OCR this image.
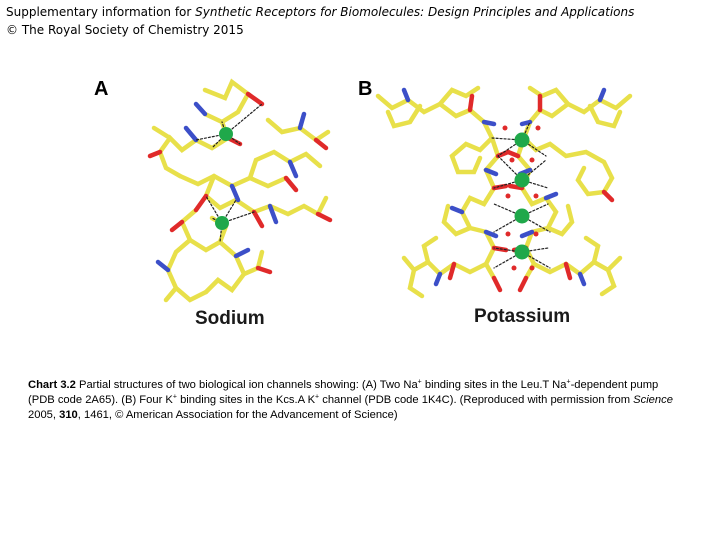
Supplementary information for Synthetic Receptors for Biomolecules: Design Principles and Applications
© The Royal Society of Chemistry 2015
A	B
Sodium	Potassium
Chart 3.2 Partial structures of two biological ion channels showing: (A) Two Na+ binding sites in the Leu.T Na+-dependent pump (PDB code 2A65). (B) Four K+ binding sites in the Kcs.A K+ channel (PDB code 1K4C). (Reproduced with permission from Science 2005, 310, 1461, © American Association for the Advancement of Science)
